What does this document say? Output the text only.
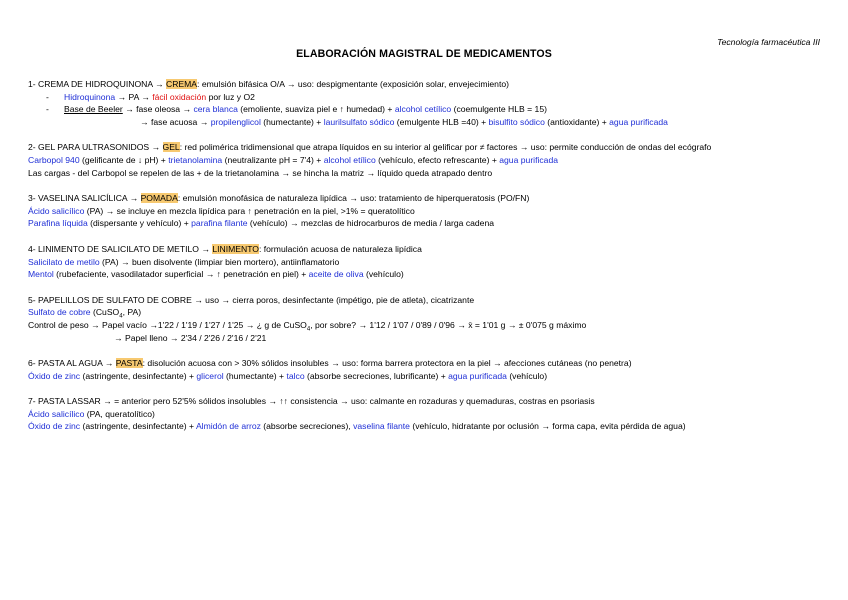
Tecnología farmacéutica III
ELABORACIÓN MAGISTRAL DE MEDICAMENTOS
1- CREMA DE HIDROQUINONA → CREMA: emulsión bifásica O/A → uso: despigmentante (exposición solar, envejecimiento)
- Hidroquinona → PA → fácil oxidación por luz y O2
- Base de Beeler → fase oleosa → cera blanca (emoliente, suaviza piel e ↑ humedad) + alcohol cetílico (coemulgente HLB = 15)
→ fase acuosa → propilenglicol (humectante) + laurilsulfato sódico (emulgente HLB =40) + bisulfito sódico (antioxidante) + agua purificada
2- GEL PARA ULTRASONIDOS → GEL: red polimérica tridimensional que atrapa líquidos en su interior al gelificar por ≠ factores → uso: permite conducción de ondas del ecógrafo
Carbopol 940 (gelificante de ↓ pH) + trietanolamina (neutralizante pH = 7'4) + alcohol etílico (vehículo, efecto refrescante) + agua purificada
Las cargas - del Carbopol se repelen de las + de la trietanolamina → se hincha la matriz → líquido queda atrapado dentro
3- VASELINA SALICÍLICA → POMADA: emulsión monofásica de naturaleza lipídica → uso: tratamiento de hiperqueratosis (PO/FN)
Ácido salicílico (PA) → se incluye en mezcla lipídica para ↑ penetración en la piel, >1% = queratolítico
Parafina líquida (dispersante y vehículo) + parafina filante (vehículo) → mezclas de hidrocarburos de media / larga cadena
4- LINIMENTO DE SALICILATO DE METILO → LINIMENTO: formulación acuosa de naturaleza lipídica
Salicilato de metilo (PA) → buen disolvente (limpiar bien mortero), antiinflamatorio
Mentol (rubefaciente, vasodilatador superficial → ↑ penetración en piel) + aceite de oliva (vehículo)
5- PAPELILLOS DE SULFATO DE COBRE → uso → cierra poros, desinfectante (impétigo, pie de atleta), cicatrizante
Sulfato de cobre (CuSO$_4$, PA)
Control de peso → Papel vacío →1'22 / 1'19 / 1'27 / 1'25 → ¿ g de CuSO$_4$, por sobre? → 1'12 / 1'07 / 0'89 / 0'96 → x̄ = 1'01 g → ± 0'075 g máximo
→ Papel lleno → 2'34 / 2'26 / 2'16 / 2'21
6- PASTA AL AGUA → PASTA: disolución acuosa con > 30% sólidos insolubles → uso: forma barrera protectora en la piel → afecciones cutáneas (no penetra)
Óxido de zinc (astringente, desinfectante) + glicerol (humectante) + talco (absorbe secreciones, lubrificante) + agua purificada (vehículo)
7- PASTA LASSAR → = anterior pero 52'5% sólidos insolubles → ↑↑ consistencia → uso: calmante en rozaduras y quemaduras, costras en psoriasis
Ácido salicílico (PA, queratolítico)
Óxido de zinc (astringente, desinfectante) + Almidón de arroz (absorbe secreciones), vaselina filante (vehículo, hidratante por oclusión → forma capa, evita pérdida de agua)
